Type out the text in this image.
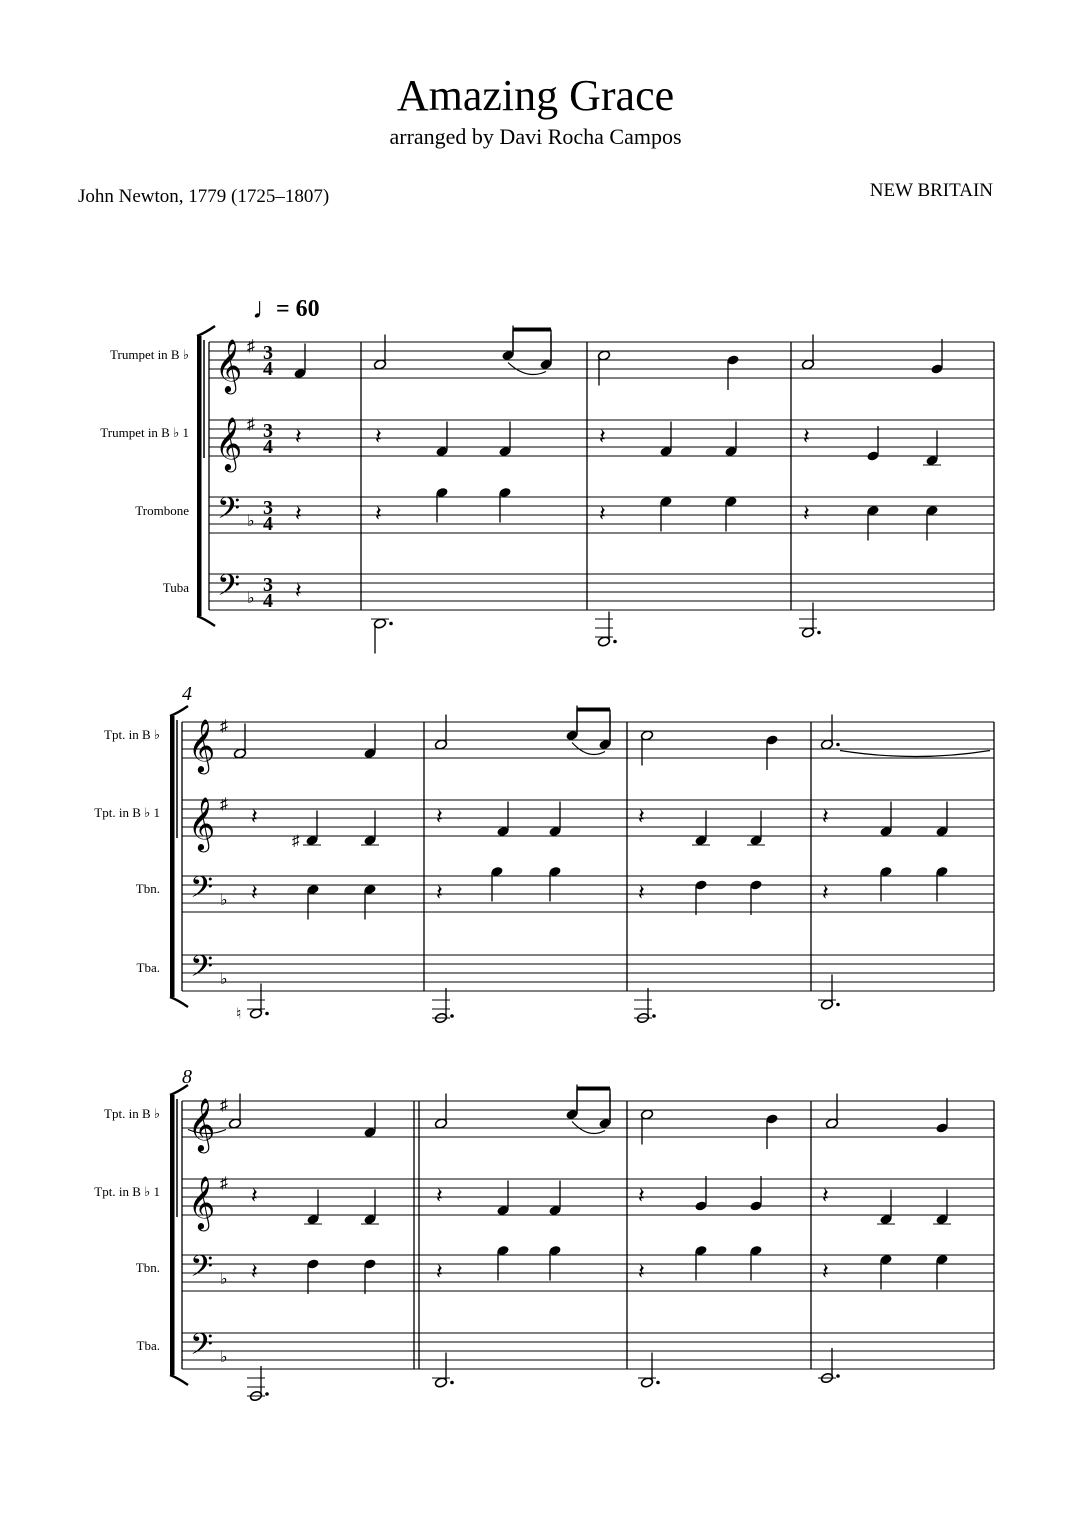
Amazing Grace
arranged by Davi Rocha Campos
John Newton, 1779 (1725–1807)	NEW BRITAIN
♩
= 60
4
8
Trumpet in B ♭
Trumpet in B ♭ 1
Trombone
Tuba
Tpt. in B ♭
Tpt. in B ♭ 1
Tbn.
Tba.
Tpt. in B ♭
Tpt. in B ♭ 1
Tbn.
Tba.
3
4
3
4
3
4
3
4
𝄞 ♯
𝄞 ♯
𝄢 ♭
𝄢 ♭
𝄞 ♯
𝄞 ♯
𝄢 ♭
𝄢 ♭
𝄞 ♯
𝄞 ♯
𝄢 ♭
𝄢 ♭
𝄽	𝄽	𝄽	𝄽
𝄽	𝄽	𝄽	𝄽
𝄽
𝄽
♯
𝄽	𝄽	𝄽
𝄽	𝄽	𝄽	𝄽
♮
𝄽	𝄽	𝄽	𝄽
𝄽	𝄽	𝄽	𝄽
